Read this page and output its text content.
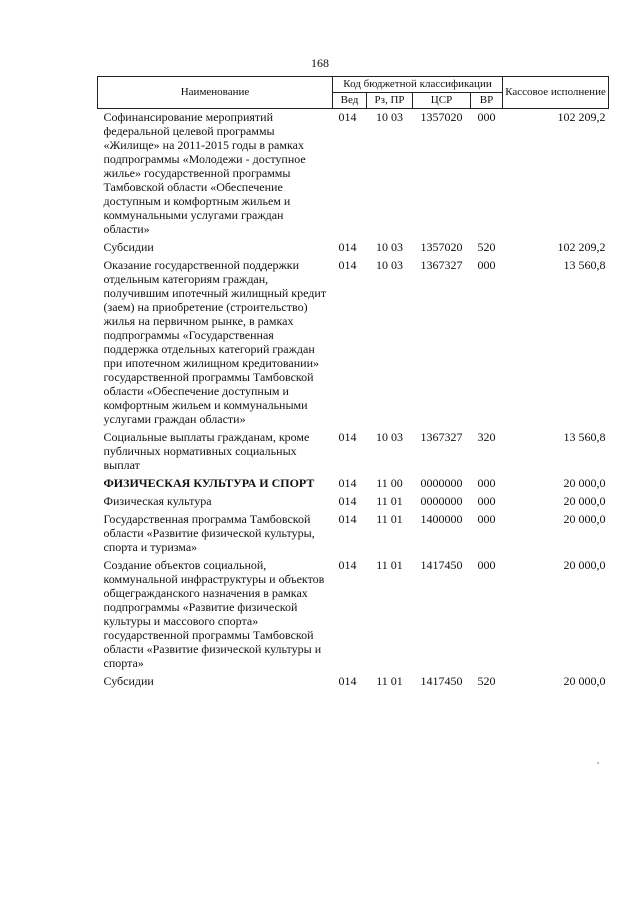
168
Наименование	Код бюджетной классификации				Кассовое исполнение
	Вед	Рз, ПР	ЦСР	ВР	
Софинансирование мероприятий федеральной целевой программы «Жилище» на 2011-2015 годы в рамках подпрограммы «Молодежи - доступное жилье» государственной программы Тамбовской области «Обеспечение доступным и комфортным жильем и коммунальными услугами граждан области»	014	10 03	1357020	000	102 209,2
Субсидии	014	10 03	1357020	520	102 209,2
Оказание государственной поддержки отдельным категориям граждан, получившим ипотечный жилищный кредит (заем) на приобретение (строительство) жилья на первичном рынке, в рамках подпрограммы «Государственная поддержка отдельных категорий граждан при ипотечном жилищном кредитовании» государственной программы Тамбовской области «Обеспечение доступным и комфортным жильем и коммунальными услугами граждан области»	014	10 03	1367327	000	13 560,8
Социальные выплаты гражданам, кроме публичных нормативных социальных выплат	014	10 03	1367327	320	13 560,8
ФИЗИЧЕСКАЯ КУЛЬТУРА И СПОРТ	014	11 00	0000000	000	20 000,0
Физическая культура	014	11 01	0000000	000	20 000,0
Государственная программа Тамбовской области «Развитие физической культуры, спорта и туризма»	014	11 01	1400000	000	20 000,0
Создание объектов социальной, коммунальной инфраструктуры и объектов общегражданского назначения в рамках подпрограммы «Развитие физической культуры и массового спорта» государственной программы Тамбовской области «Развитие физической культуры и спорта»	014	11 01	1417450	000	20 000,0
Субсидии	014	11 01	1417450	520	20 000,0
